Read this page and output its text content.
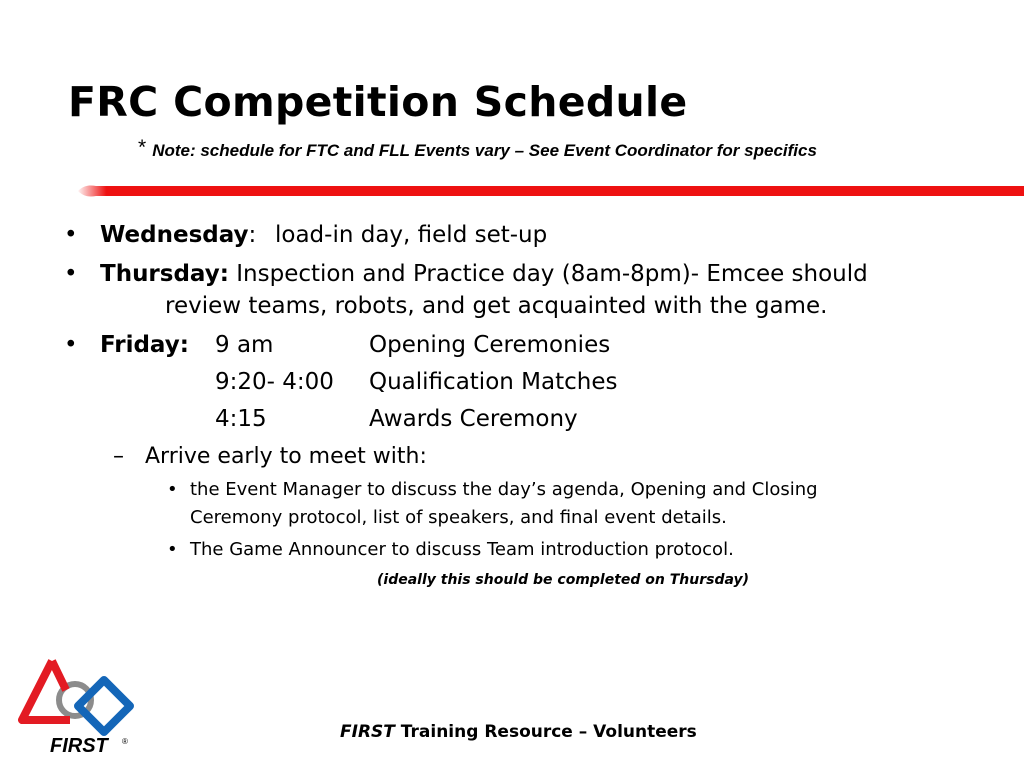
FRC Competition Schedule
* Note: schedule for FTC and FLL Events vary – See Event Coordinator for specifics
• Wednesday: load-in day, field set-up
• Thursday: Inspection and Practice day (8am-8pm)- Emcee should
review teams, robots, and get acquainted with the game.
• Friday: 9 am	Opening Ceremonies
9:20- 4:00 Qualification Matches
4:15	Awards Ceremony
– Arrive early to meet with:
• the Event Manager to discuss the day’s agenda, Opening and Closing
Ceremony protocol, list of speakers, and final event details.
• The Game Announcer to discuss Team introduction protocol.
(ideally this should be completed on Thursday)
FIRST ®	FIRST Training Resource – Volunteers
